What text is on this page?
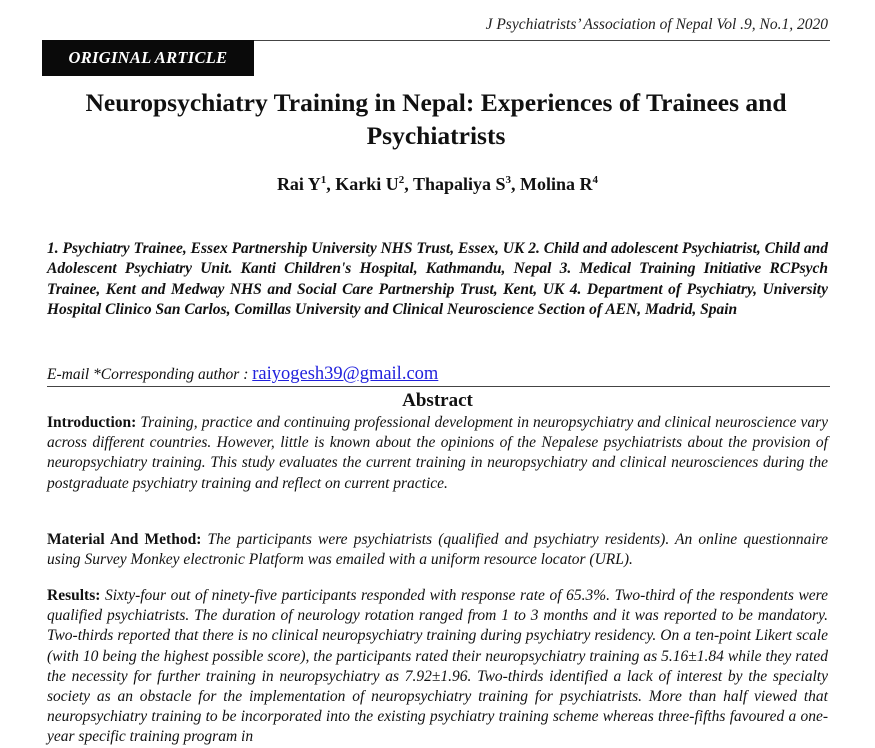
J Psychiatrists’ Association of Nepal Vol .9, No.1, 2020
ORIGINAL ARTICLE
Neuropsychiatry Training in Nepal: Experiences of Trainees and Psychiatrists
Rai $Y^1$, Karki $U^2$, Thapaliya $S^3$, Molina $R^4$
1. Psychiatry Trainee, Essex Partnership University NHS Trust, Essex, UK 2. Child and adolescent Psychiatrist, Child and Adolescent Psychiatry Unit. Kanti Children's Hospital, Kathmandu, Nepal 3. Medical Training Initiative RCPsych Trainee, Kent and Medway NHS and Social Care Partnership Trust, Kent, UK 4. Department of Psychiatry, University Hospital Clinico San Carlos, Comillas University and Clinical Neuroscience Section of AEN, Madrid, Spain
E-mail *Corresponding author : raiyogesh39@gmail.com
Abstract
Introduction: Training, practice and continuing professional development in neuropsychiatry and clinical neuroscience vary across different countries. However, little is known about the opinions of the Nepalese psychiatrists about the provision of neuropsychiatry training. This study evaluates the current training in neuropsychiatry and clinical neurosciences during the postgraduate psychiatry training and reflect on current practice.
Material And Method: The participants were psychiatrists (qualified and psychiatry residents). An online questionnaire using Survey Monkey electronic Platform was emailed with a uniform resource locator (URL).
Results: Sixty-four out of ninety-five participants responded with response rate of 65.3%. Two-third of the respondents were qualified psychiatrists. The duration of neurology rotation ranged from 1 to 3 months and it was reported to be mandatory. Two-thirds reported that there is no clinical neuropsychiatry training during psychiatry residency. On a ten-point Likert scale (with 10 being the highest possible score), the participants rated their neuropsychiatry training as 5.16±1.84 while they rated the necessity for further training in neuropsychiatry as 7.92±1.96. Two-thirds identified a lack of interest by the specialty society as an obstacle for the implementation of neuropsychiatry training for psychiatrists. More than half viewed that neuropsychiatry training to be incorporated into the existing psychiatry training scheme whereas three-fifths favoured a one-year specific training program in
